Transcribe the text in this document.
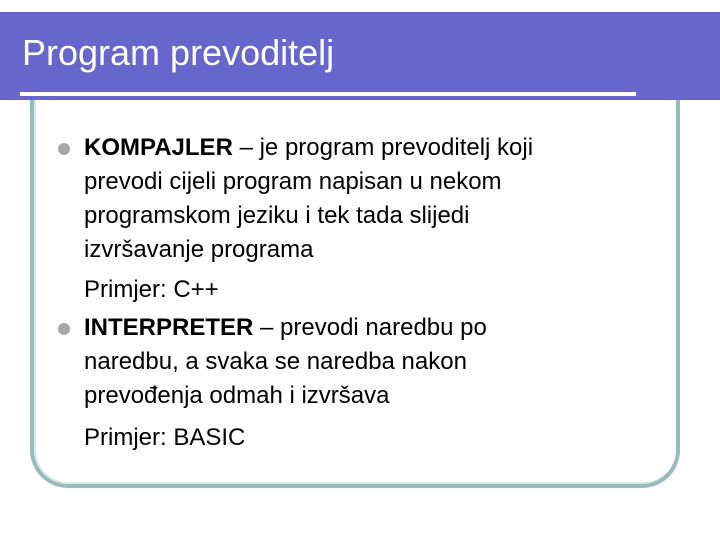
Program prevoditelj
KOMPAJLER – je program prevoditelj koji
prevodi cijeli program napisan u nekom
programskom jeziku i tek tada slijedi
izvršavanje programa
Primjer: C++
INTERPRETER – prevodi naredbu po
naredbu, a svaka se naredba nakon
prevođenja odmah i izvršava
Primjer: BASIC
